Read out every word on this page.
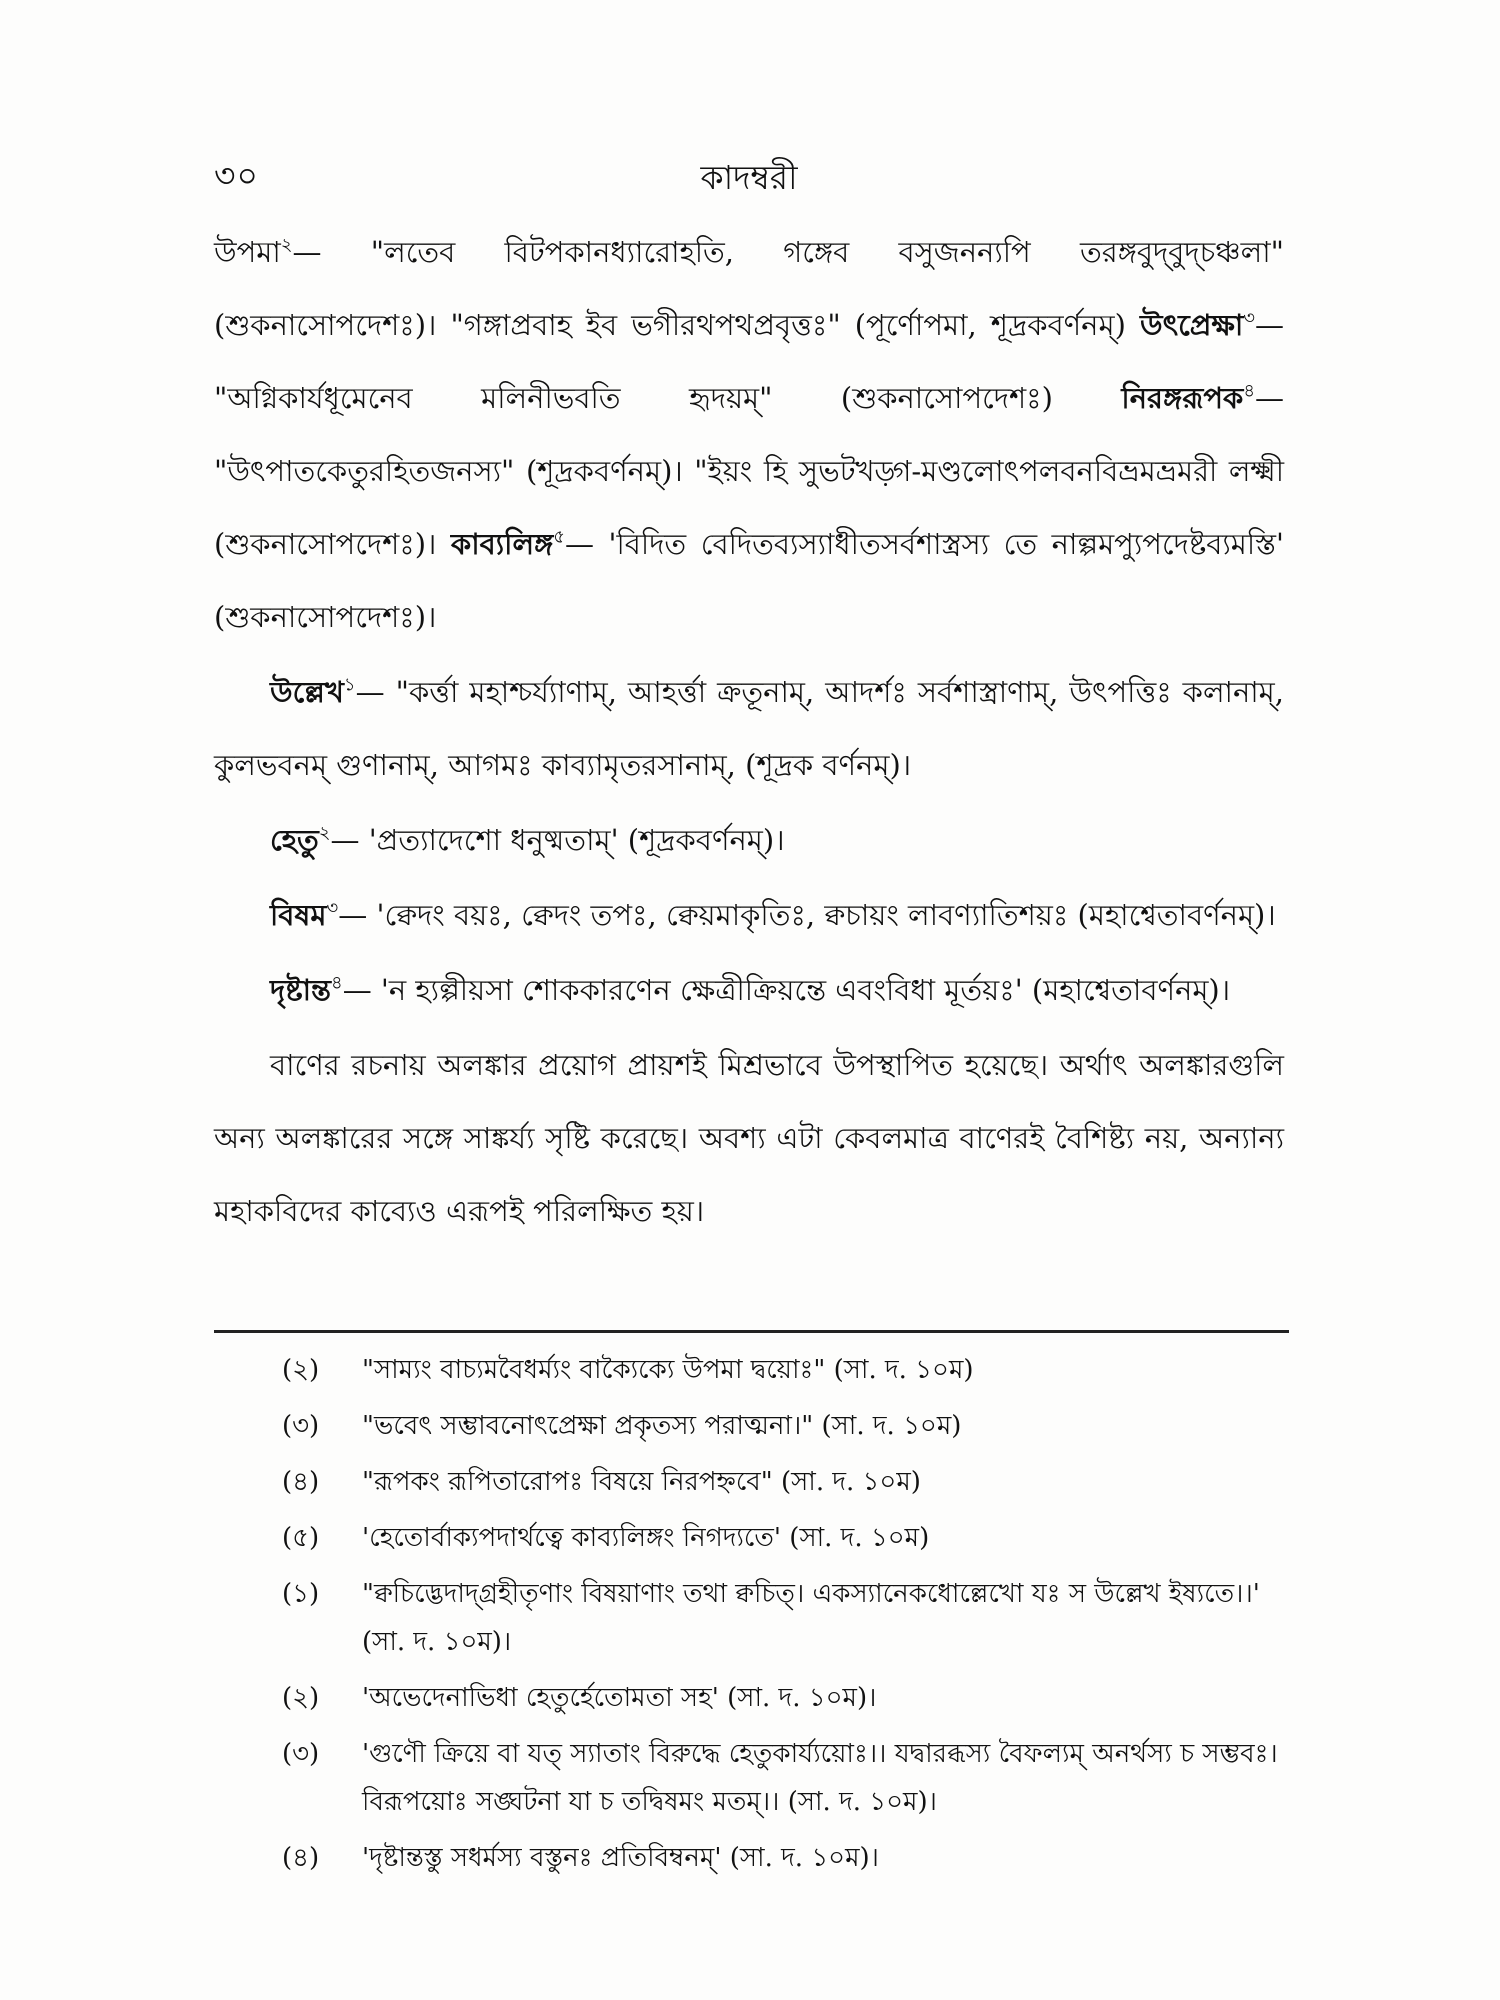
৩০	কাদম্বরী

উপমা$^২$— "লতেব বিটপকানধ্যারোহতি, গঙ্গেব বসুজনন্যপি তরঙ্গবুদ্‌বুদ্‌চঞ্চলা" (শুকনাসোপদেশঃ)। "গঙ্গাপ্রবাহ ইব ভগীরথপথপ্রবৃত্তঃ" (পূর্ণোপমা, শূদ্রকবর্ণনম্‌) উৎপ্রেক্ষা$^৩$— "অগ্নিকার্যধূমেনেব মলিনীভবতি হৃদয়ম্‌" (শুকনাসোপদেশঃ) নিরঙ্গরূপক$^৪$— "উৎপাতকেতুরহিতজনস্য" (শূদ্রকবর্ণনম্‌)। "ইয়ং হি সুভটখড়্গ-মণ্ডলোৎপলবনবিভ্রমভ্রমরী লক্ষ্মী (শুকনাসোপদেশঃ)। কাব্যলিঙ্গ$^৫$— 'বিদিত বেদিতব্যস্যাধীতসর্বশাস্ত্রস্য তে নাল্পমপ্যুপদেষ্টব্যমস্তি' (শুকনাসোপদেশঃ)।

উল্লেখ$^১$— "কর্ত্তা মহাশ্চর্য্যাণাম্‌, আহর্ত্তা ক্রতূনাম্‌, আদর্শঃ সর্বশাস্ত্রাণাম্‌, উৎপত্তিঃ কলানাম্‌, কুলভবনম্‌ গুণানাম্‌, আগমঃ কাব্যামৃতরসানাম্‌, (শূদ্রক বর্ণনম্‌)।

হেতু$^২$— 'প্রত্যাদেশো ধনুষ্মতাম্‌' (শূদ্রকবর্ণনম্‌)।

বিষম$^৩$— 'ক্বেদং বয়ঃ, ক্বেদং তপঃ, ক্বেয়মাকৃতিঃ, ক্বচায়ং লাবণ্যাতিশয়ঃ (মহাশ্বেতাবর্ণনম্‌)।

দৃষ্টান্ত$^৪$— 'ন হ্যল্পীয়সা শোককারণেন ক্ষেত্রীক্রিয়ন্তে এবংবিধা মূর্তয়ঃ' (মহাশ্বেতাবর্ণনম্‌)।

বাণের রচনায় অলঙ্কার প্রয়োগ প্রায়শই মিশ্রভাবে উপস্থাপিত হয়েছে। অর্থাৎ অলঙ্কারগুলি অন্য অলঙ্কারের সঙ্গে সাঙ্কর্য্য সৃষ্টি করেছে। অবশ্য এটা কেবলমাত্র বাণেরই বৈশিষ্ট্য নয়, অন্যান্য মহাকবিদের কাব্যেও এরূপই পরিলক্ষিত হয়।

(২)	"সাম্যং বাচ্যমবৈধর্ম্যং বাক্যৈক্যে উপমা দ্বয়োঃ" (সা. দ. ১০ম)
(৩)	"ভবেৎ সম্ভাবনোৎপ্রেক্ষা প্রকৃতস্য পরাত্মনা।" (সা. দ. ১০ম)
(৪)	"রূপকং রূপিতারোপঃ বিষয়ে নিরপহ্নবে" (সা. দ. ১০ম)
(৫)	'হেতোর্বাক্যপদার্থত্বে কাব্যলিঙ্গং নিগদ্যতে' (সা. দ. ১০ম)
(১)	"ক্বচিদ্ভেদাদ্‌গ্রহীতৃণাং বিষয়াণাং তথা ক্বচিত্‌। একস্যানেকধোল্লেখো যঃ স উল্লেখ ইষ্যতে।।' (সা. দ. ১০ম)।
(২)	'অভেদেনাভিধা হেতুর্হেতোমতা সহ' (সা. দ. ১০ম)।
(৩)	'গুণৌ ক্রিয়ে বা যত্ স্যাতাং বিরুদ্ধে হেতুকার্য্যয়োঃ।। যদ্বারব্ধস্য বৈফল্যম্‌ অনর্থস্য চ সম্ভবঃ। বিরূপয়োঃ সঙ্ঘটনা যা চ তদ্বিষমং মতম্‌।। (সা. দ. ১০ম)।
(৪)	'দৃষ্টান্তস্তু সধর্মস্য বস্তুনঃ প্রতিবিম্বনম্‌' (সা. দ. ১০ম)।
